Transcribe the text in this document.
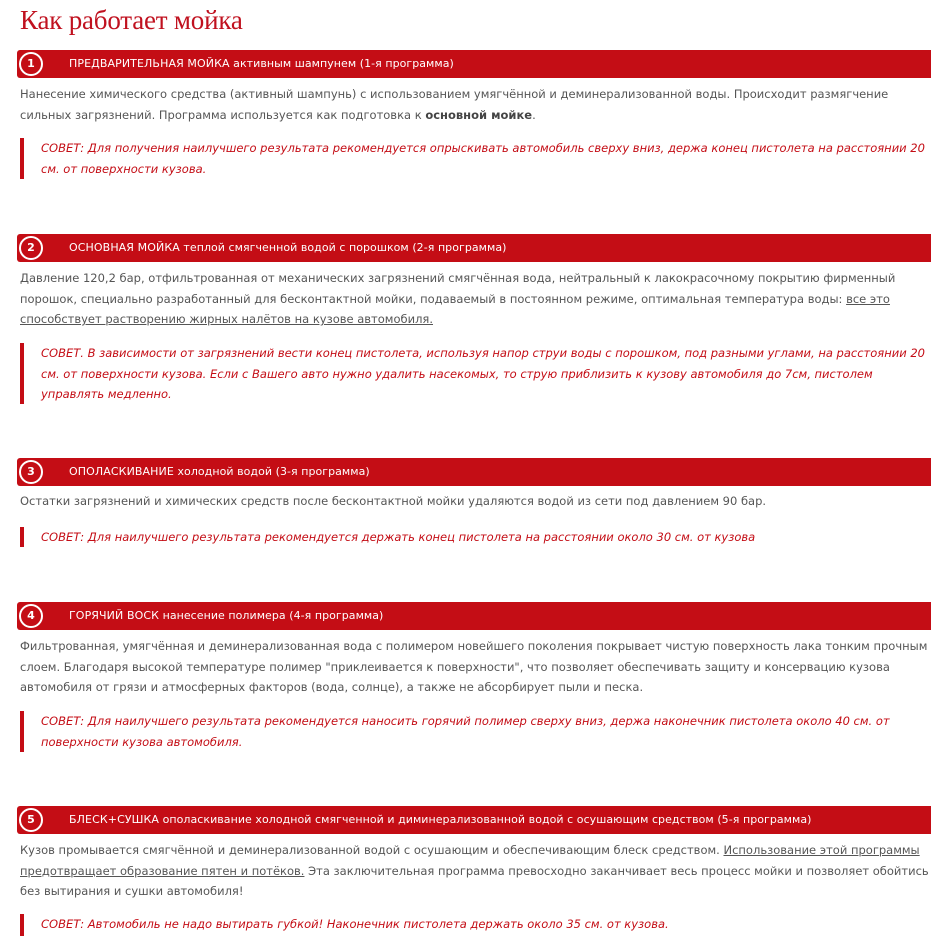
Как работает мойка
1	ПРЕДВАРИТЕЛЬНАЯ МОЙКА активным шампунем (1-я программа)

Нанесение химического средства (активный шампунь) с использованием умягчённой и деминерализованной воды. Происходит размягчение сильных загрязнений. Программа используется как подготовка к основной мойке.

СОВЕТ: Для получения наилучшего результата рекомендуется опрыскивать автомобиль сверху вниз, держа конец пистолета на расстоянии 20 см. от поверхности кузова.

2	ОСНОВНАЯ МОЙКА теплой смягченной водой с порошком (2-я программа)

Давление 120,2 бар, отфильтрованная от механических загрязнений смягчённая вода, нейтральный к лакокрасочному покрытию фирменный порошок, специально разработанный для бесконтактной мойки, подаваемый в постоянном режиме, оптимальная температура воды: все это способствует растворению жирных налётов на кузове автомобиля.

СОВЕТ. В зависимости от загрязнений вести конец пистолета, используя напор струи воды с порошком, под разными углами, на расстоянии 20 см. от поверхности кузова. Если с Вашего авто нужно удалить насекомых, то струю приблизить к кузову автомобиля до 7см, пистолем управлять медленно.

3	ОПОЛАСКИВАНИЕ холодной водой (3-я программа)

Остатки загрязнений и химических средств после бесконтактной мойки удаляются водой из сети под давлением 90 бар.

СОВЕТ: Для наилучшего результата рекомендуется держать конец пистолета на расстоянии около 30 см. от кузова

4	ГОРЯЧИЙ ВОСК нанесение полимера (4-я программа)

Фильтрованная, умягчённая и деминерализованная вода с полимером новейшего поколения покрывает чистую поверхность лака тонким прочным слоем. Благодаря высокой температуре полимер "приклеивается к поверхности", что позволяет обеспечивать защиту и консервацию кузова автомобиля от грязи и атмосферных факторов (вода, солнце), а также не абсорбирует пыли и песка.

СОВЕТ: Для наилучшего результата рекомендуется наносить горячий полимер сверху вниз, держа наконечник пистолета около 40 см. от поверхности кузова автомобиля.

5	БЛЕСК+СУШКА ополаскивание холодной смягченной и диминерализованной водой с осушающим средством (5-я программа)

Кузов промывается смягчённой и деминерализованной водой с осушающим и обеспечивающим блеск средством. Использование этой программы предотвращает образование пятен и потёков. Эта заключительная программа превосходно заканчивает весь процесс мойки и позволяет обойтись без вытирания и сушки автомобиля!

СОВЕТ: Автомобиль не надо вытирать губкой! Наконечник пистолета держать около 35 см. от кузова.
